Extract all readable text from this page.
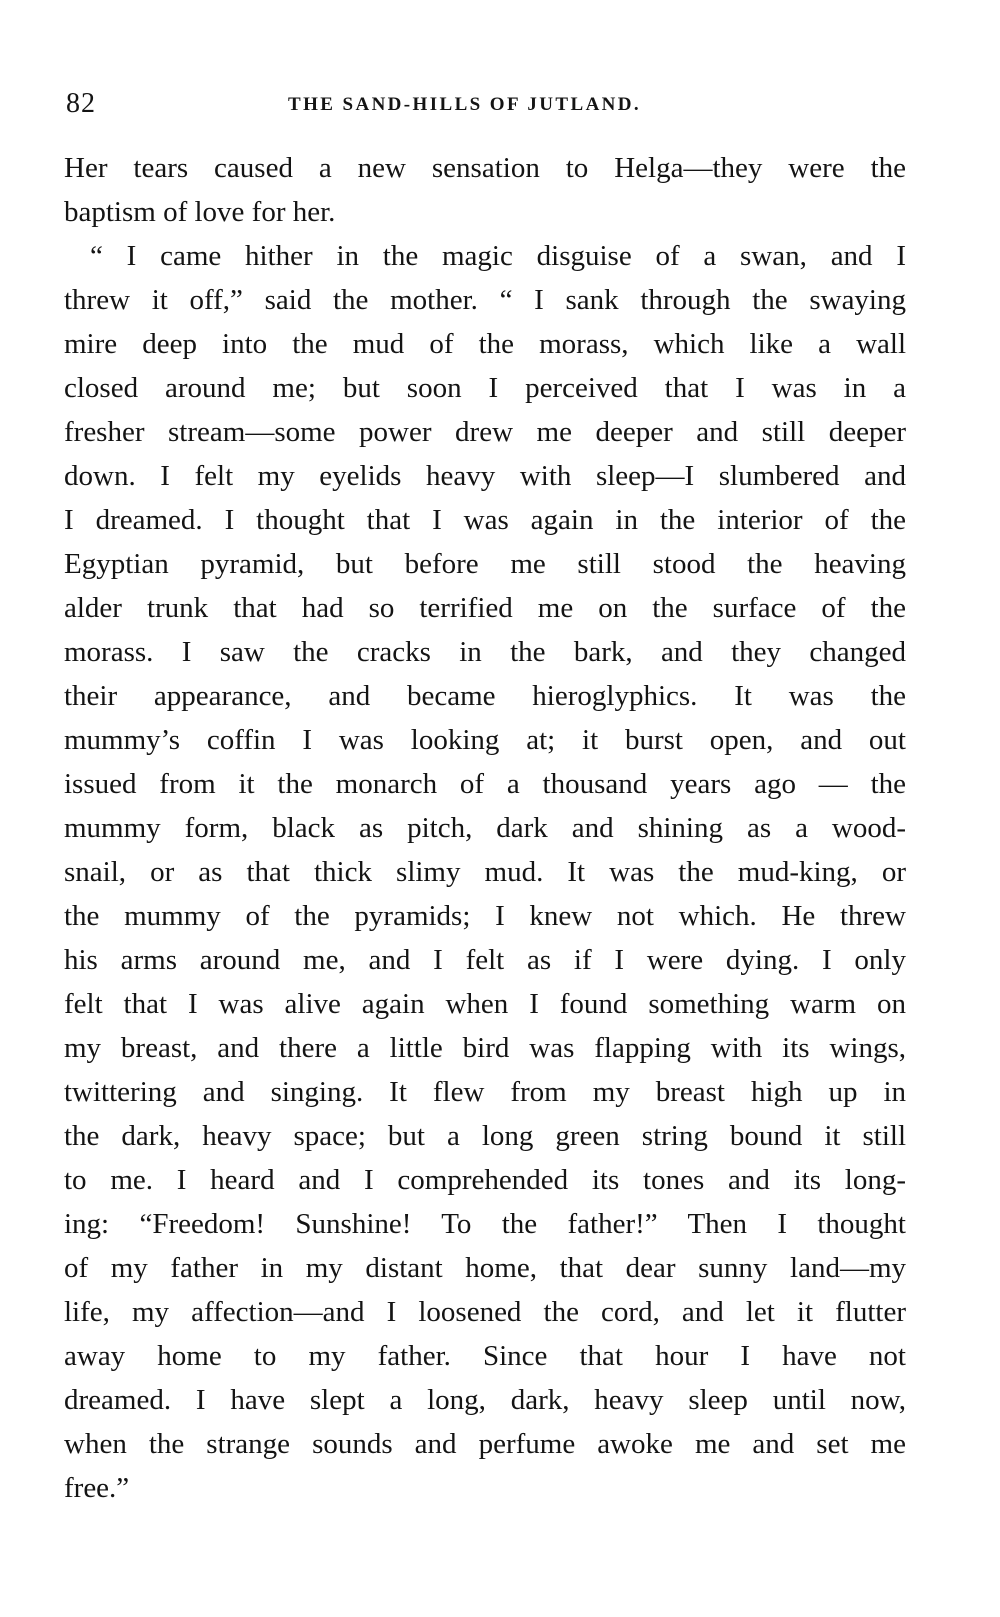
82	THE SAND-HILLS OF JUTLAND.
Her tears caused a new sensation to Helga—they were the
baptism of love for her.
“ I came hither in the magic disguise of a swan, and I
threw it off,” said the mother. “ I sank through the swaying
mire deep into the mud of the morass, which like a wall
closed around me; but soon I perceived that I was in a
fresher stream—some power drew me deeper and still deeper
down. I felt my eyelids heavy with sleep—I slumbered and
I dreamed. I thought that I was again in the interior of the
Egyptian pyramid, but before me still stood the heaving
alder trunk that had so terrified me on the surface of the
morass. I saw the cracks in the bark, and they changed
their appearance, and became hieroglyphics. It was the
mummy’s coffin I was looking at; it burst open, and out
issued from it the monarch of a thousand years ago — the
mummy form, black as pitch, dark and shining as a wood-
snail, or as that thick slimy mud. It was the mud-king, or
the mummy of the pyramids; I knew not which. He threw
his arms around me, and I felt as if I were dying. I only
felt that I was alive again when I found something warm on
my breast, and there a little bird was flapping with its wings,
twittering and singing. It flew from my breast high up in
the dark, heavy space; but a long green string bound it still
to me. I heard and I comprehended its tones and its long-
ing: “Freedom! Sunshine! To the father!” Then I thought
of my father in my distant home, that dear sunny land—my
life, my affection—and I loosened the cord, and let it flutter
away home to my father. Since that hour I have not
dreamed. I have slept a long, dark, heavy sleep until now,
when the strange sounds and perfume awoke me and set me
free.”
